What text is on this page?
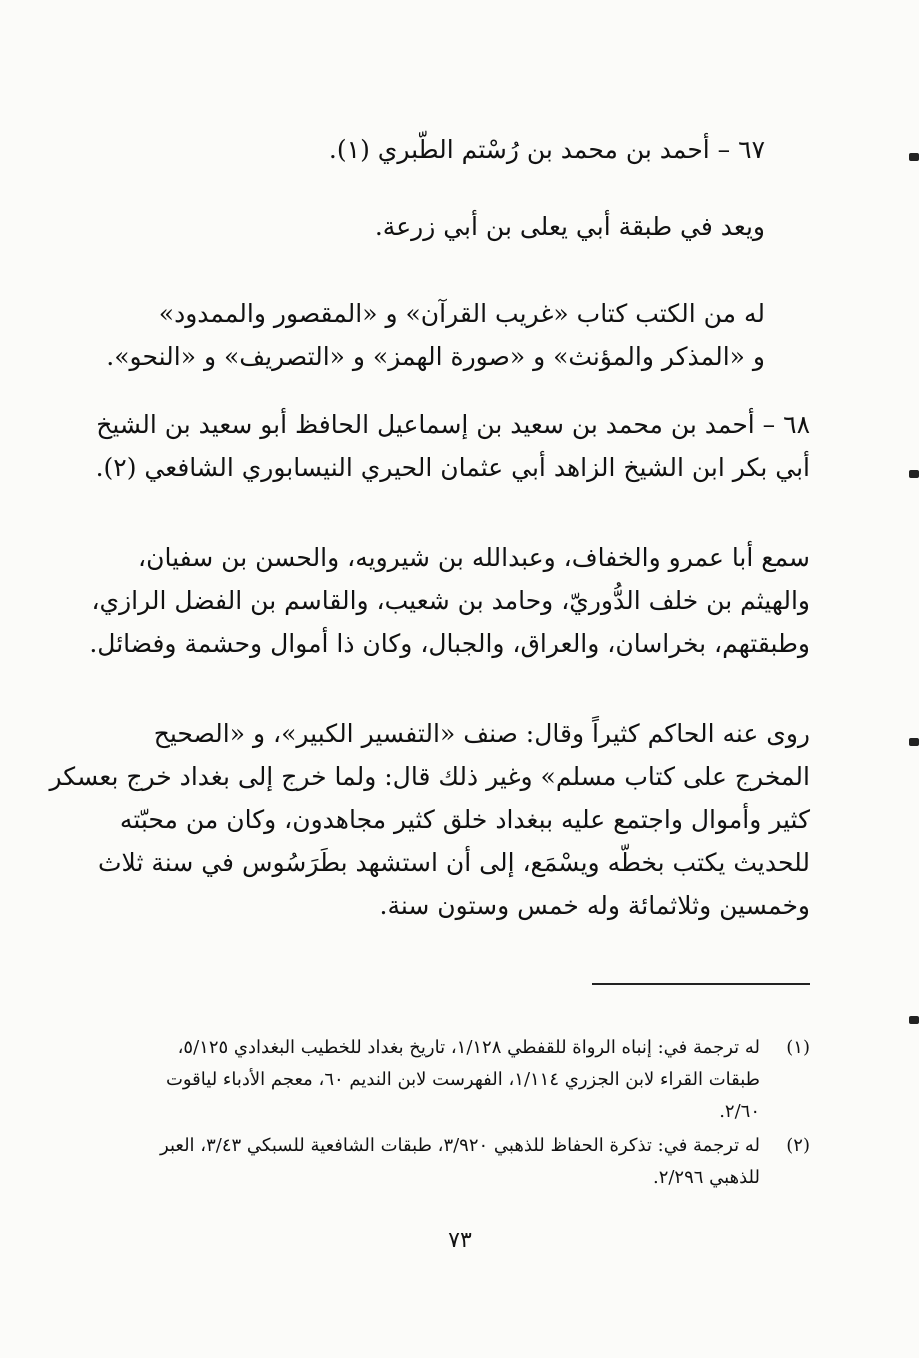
٦٧ – أحمد بن محمد بن رُسْتم الطّبري (١).

ويعد في طبقة أبي يعلى بن أبي زرعة.

له من الكتب كتاب «غريب القرآن» و «المقصور والممدود»
و «المذكر والمؤنث» و «صورة الهمز» و «التصريف» و «النحو».

٦٨ – أحمد بن محمد بن سعيد بن إسماعيل الحافظ أبو سعيد بن الشيخ
أبي بكر ابن الشيخ الزاهد أبي عثمان الحيري النيسابوري الشافعي (٢).

سمع أبا عمرو والخفاف، وعبدالله بن شيرويه، والحسن بن سفيان،
والهيثم بن خلف الدُّوريّ، وحامد بن شعيب، والقاسم بن الفضل الرازي،
وطبقتهم، بخراسان، والعراق، والجبال، وكان ذا أموال وحشمة وفضائل.

روى عنه الحاكم كثيراً وقال: صنف «التفسير الكبير»، و «الصحيح
المخرج على كتاب مسلم» وغير ذلك قال: ولما خرج إلى بغداد خرج بعسكر
كثير وأموال واجتمع عليه ببغداد خلق كثير مجاهدون، وكان من محبّته
للحديث يكتب بخطّه ويسْمَع، إلى أن استشهد بطَرَسُوس في سنة ثلاث
وخمسين وثلاثمائة وله خمس وستون سنة.

(١)
له ترجمة في: إنباه الرواة للقفطي ١/١٢٨، تاريخ بغداد للخطيب البغدادي ٥/١٢٥،
طبقات القراء لابن الجزري ١/١١٤، الفهرست لابن النديم ٦٠، معجم الأدباء لياقوت
٢/٦٠.
(٢)
له ترجمة في: تذكرة الحفاظ للذهبي ٣/٩٢٠، طبقات الشافعية للسبكي ٣/٤٣، العبر
للذهبي ٢/٢٩٦.
٧٣
